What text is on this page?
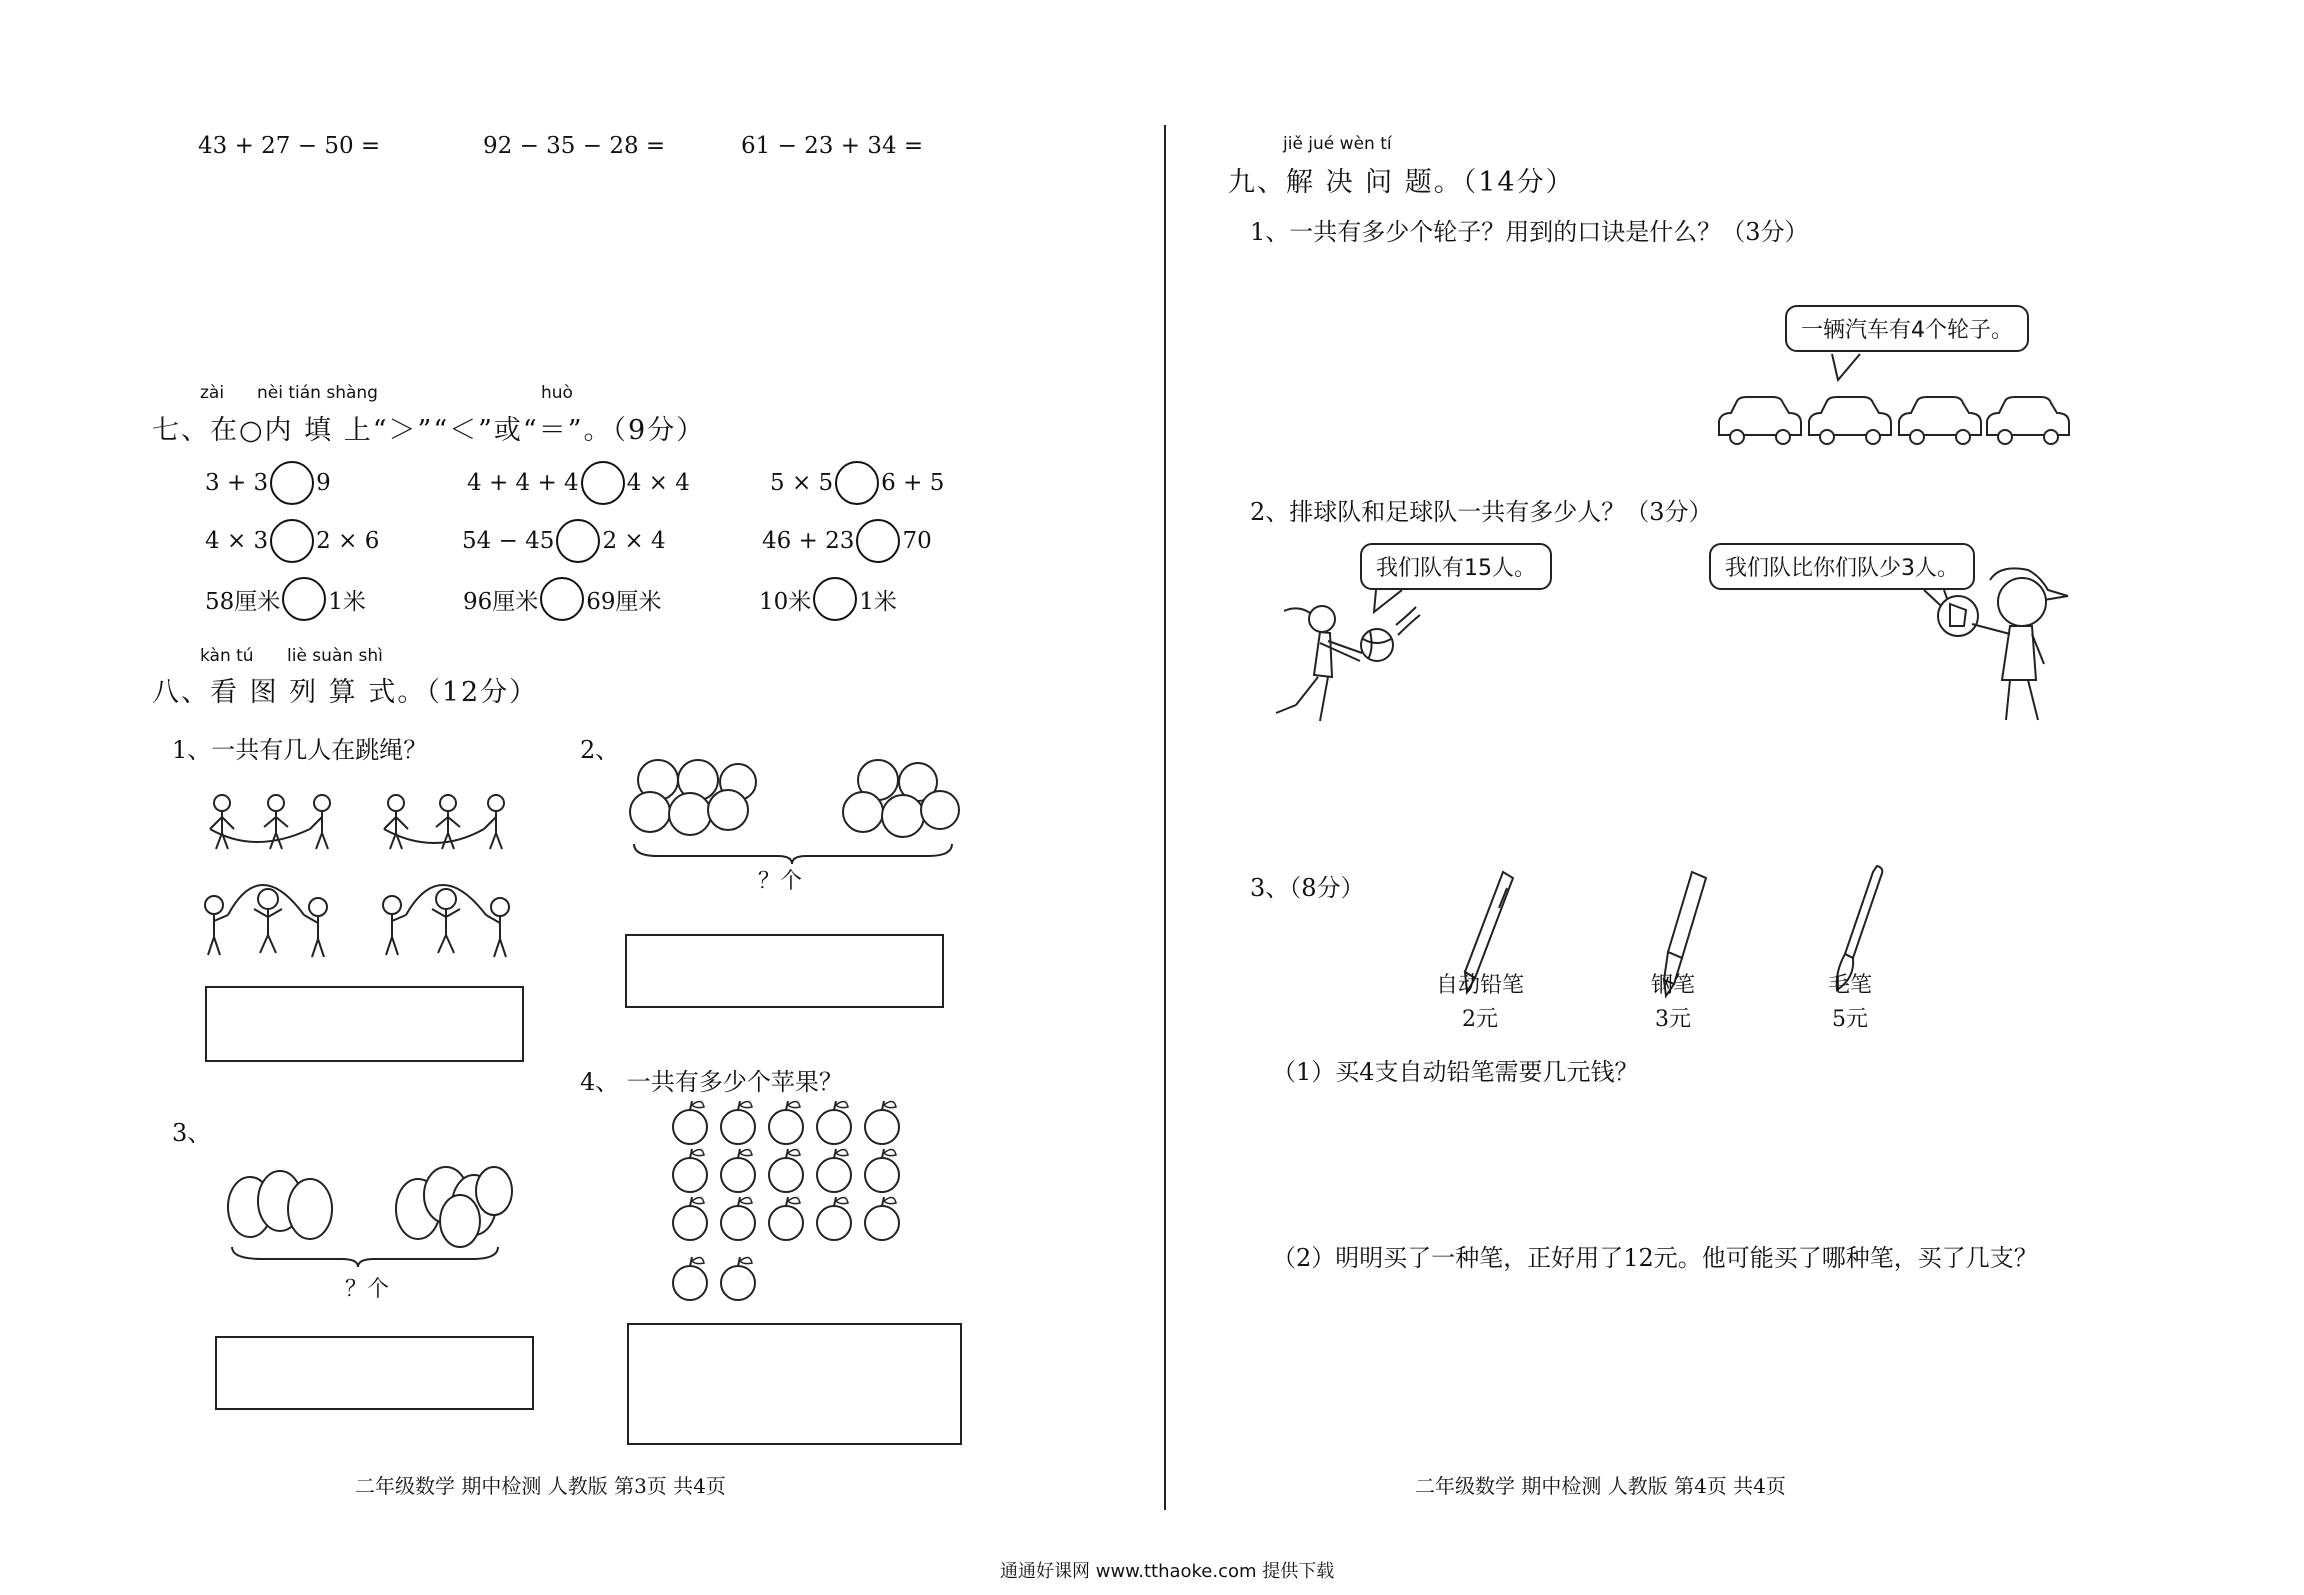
43 + 27 − 50 =	92 − 35 − 28 =	61 − 23 + 34 =
zài nèi tián shàng	huò
七、在○内 填 上“＞”“＜”或“＝”。（9分）
3 + 3 9	4 + 4 + 4 4 × 4	5 × 5 6 + 5
4 × 3 2 × 6	54 − 45 2 × 4	46 + 23 70
58厘米 1米	96厘米 69厘米	10米 1米
kàn tú liè suàn shì
八、看 图 列 算 式。（12分）
1、一共有几人在跳绳？	2、
？个
4、 一共有多少个苹果？
3、
？个
二年级数学 期中检测 人教版 第3页 共4页
jiě jué wèn tí
九、解 决 问 题。（14分）
1、一共有多少个轮子？用到的口诀是什么？（3分）
一辆汽车有4个轮子。
2、排球队和足球队一共有多少人？（3分）
我们队有15人。	我们队比你们队少3人。
3、（8分）
自动铅笔
2元
钢笔
3元
毛笔
5元
（1）买4支自动铅笔需要几元钱？
（2）明明买了一种笔，正好用了12元。他可能买了哪种笔，买了几支？
二年级数学 期中检测 人教版 第4页 共4页
通通好课网 www.tthaoke.com 提供下载
